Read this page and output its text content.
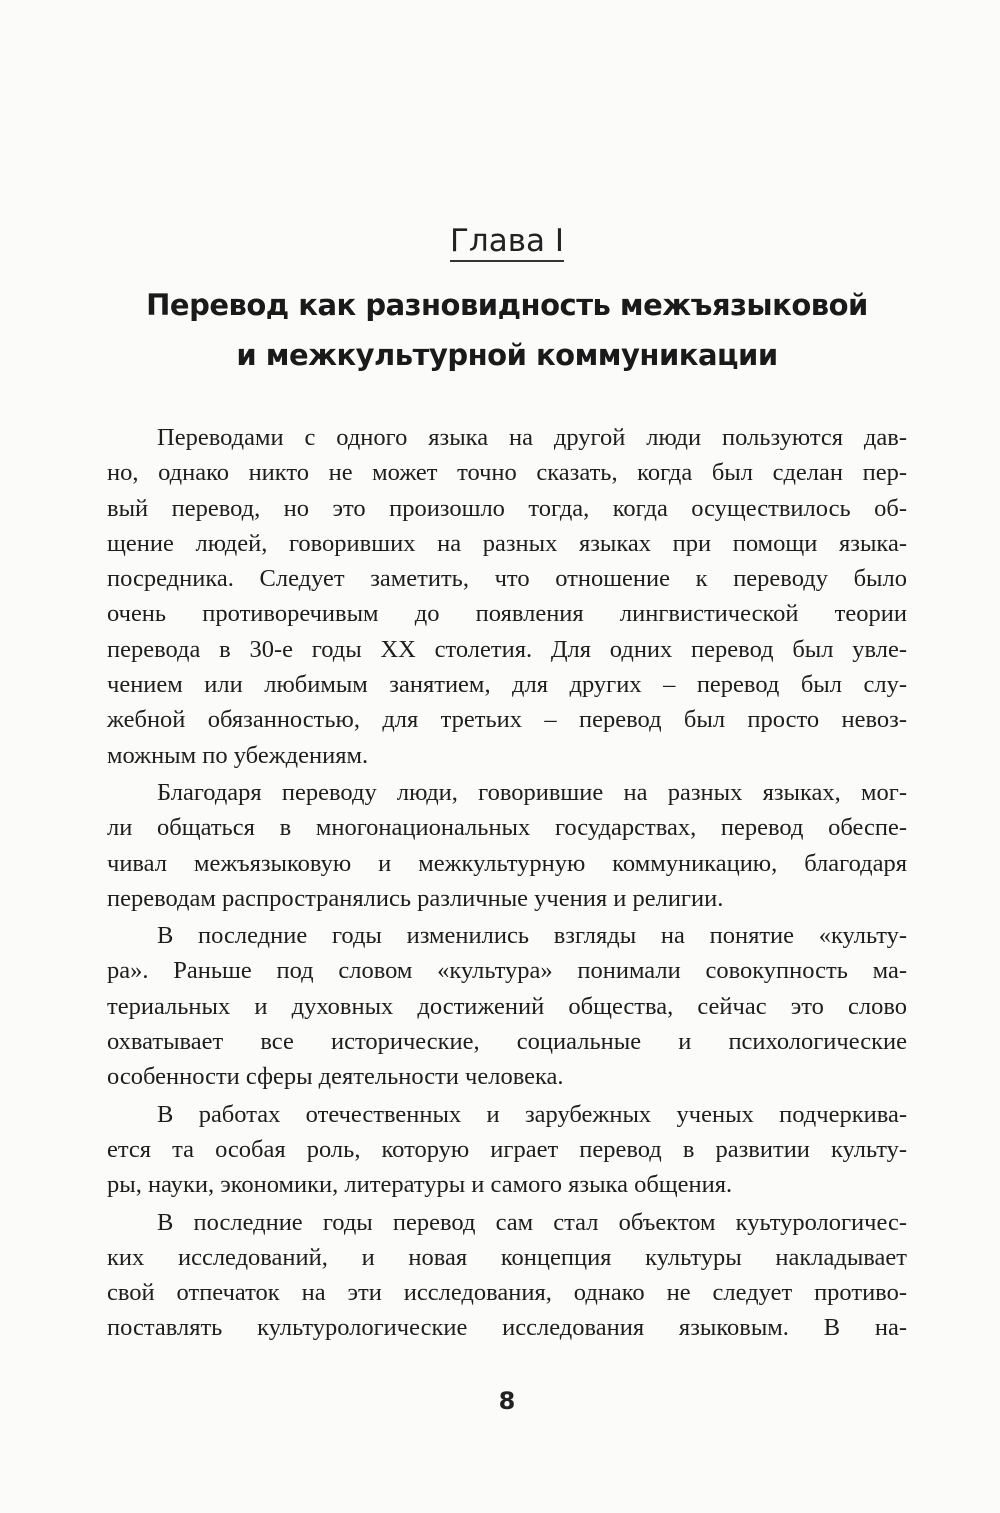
Глава I
Перевод как разновидность межъязыковой
и межкультурной коммуникации
Переводами с одного языка на другой люди пользуются дав-
но, однако никто не может точно сказать, когда был сделан пер-
вый перевод, но это произошло тогда, когда осуществилось об-
щение людей, говоривших на разных языках при помощи языка-
посредника. Следует заметить, что отношение к переводу было
очень противоречивым до появления лингвистической теории
перевода в 30-е годы XX столетия. Для одних перевод был увле-
чением или любимым занятием, для других – перевод был слу-
жебной обязанностью, для третьих – перевод был просто невоз-
можным по убеждениям.
Благодаря переводу люди, говорившие на разных языках, мог-
ли общаться в многонациональных государствах, перевод обеспе-
чивал межъязыковую и межкультурную коммуникацию, благодаря
переводам распространялись различные учения и религии.
В последние годы изменились взгляды на понятие «культу-
ра». Раньше под словом «культура» понимали совокупность ма-
териальных и духовных достижений общества, сейчас это слово
охватывает все исторические, социальные и психологические
особенности сферы деятельности человека.
В работах отечественных и зарубежных ученых подчеркива-
ется та особая роль, которую играет перевод в развитии культу-
ры, науки, экономики, литературы и самого языка общения.
В последние годы перевод сам стал объектом куьтурологичес-
ких исследований, и новая концепция культуры накладывает
свой отпечаток на эти исследования, однако не следует противо-
поставлять культурологические исследования языковым. В на-
8
